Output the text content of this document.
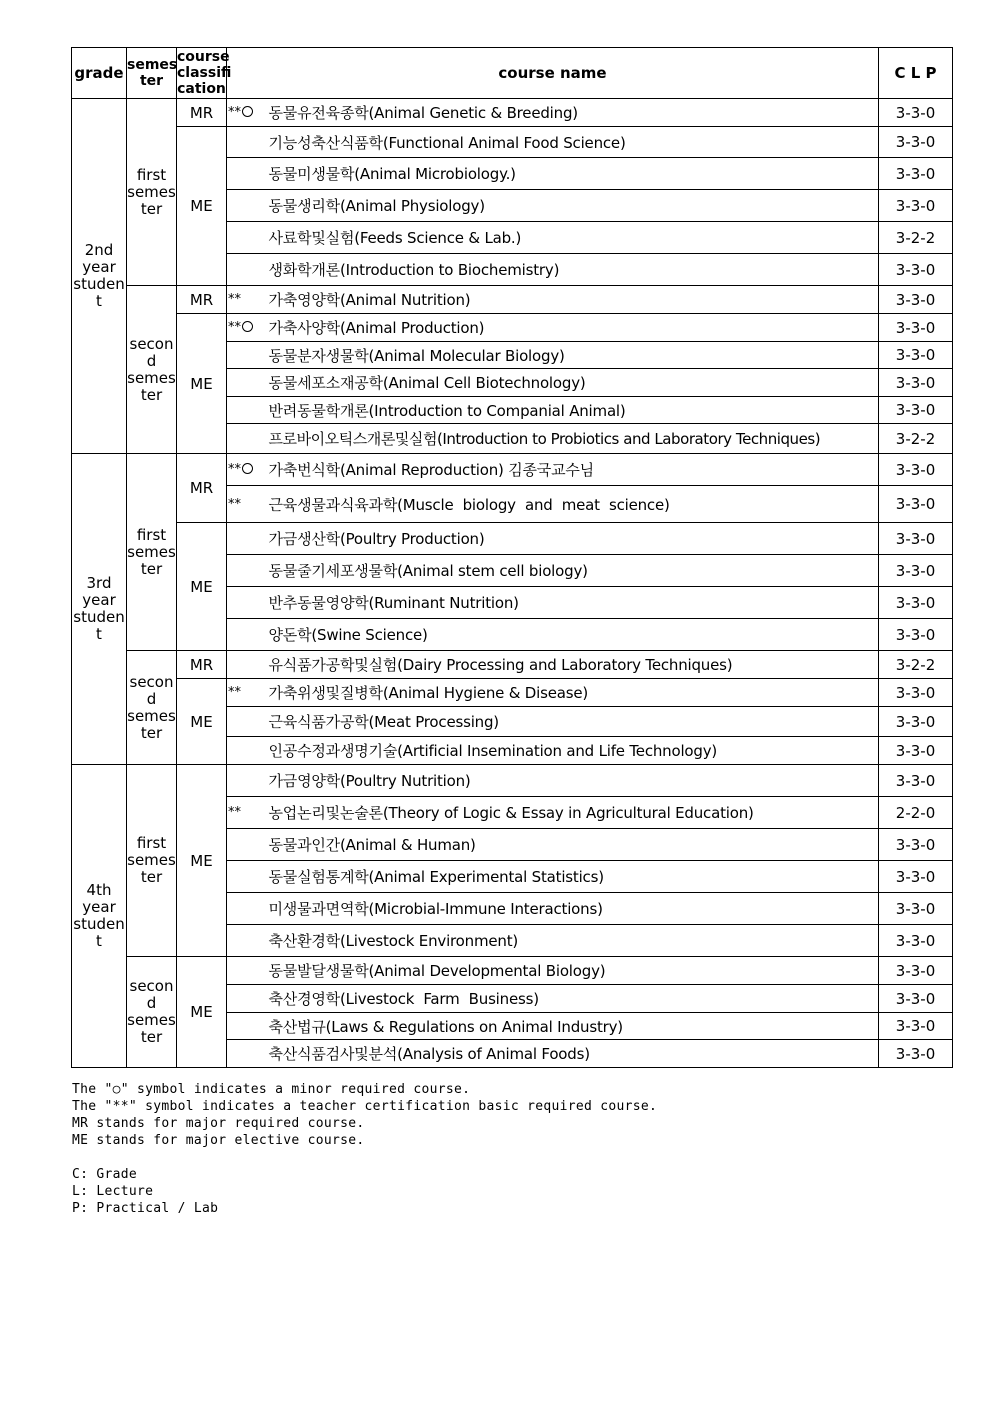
grade	semes ter	course classifi cation	course name		C L P
2nd year studen t	first semes ter	MR	**	동물유전육종학(Animal Genetic & Breeding)	3-3-0
		ME		기능성축산식품학(Functional Animal Food Science)	3-3-0
				동물미생물학(Animal Microbiology.)	3-3-0
				동물생리학(Animal Physiology)	3-3-0
				사료학및실험(Feeds Science & Lab.)	3-2-2
				생화학개론(Introduction to Biochemistry)	3-3-0
	secon d semes ter	MR	**	가축영양학(Animal Nutrition)	3-3-0
		ME	**	가축사양학(Animal Production)	3-3-0
				동물분자생물학(Animal Molecular Biology)	3-3-0
				동물세포소재공학(Animal Cell Biotechnology)	3-3-0
				반려동물학개론(Introduction to Companial Animal)	3-3-0
				프로바이오틱스개론및실험(Introduction to Probiotics and Laboratory Techniques)	3-2-2
3rd year studen t	first semes ter	MR	**	가축번식학(Animal Reproduction) 김종국교수님	3-3-0
			**	근육생물과식육과학(Muscle  biology  and  meat  science)	3-3-0
		ME		가금생산학(Poultry Production)	3-3-0
				동물줄기세포생물학(Animal stem cell biology)	3-3-0
				반추동물영양학(Ruminant Nutrition)	3-3-0
				양돈학(Swine Science)	3-3-0
	secon d semes ter	MR		유식품가공학및실험(Dairy Processing and Laboratory Techniques)	3-2-2
		ME	**	가축위생및질병학(Animal Hygiene & Disease)	3-3-0
				근육식품가공학(Meat Processing)	3-3-0
				인공수정과생명기술(Artificial Insemination and Life Technology)	3-3-0
4th year studen t	first semes ter	ME		가금영양학(Poultry Nutrition)	3-3-0
			**	농업논리및논술론(Theory of Logic & Essay in Agricultural Education)	2-2-0
				동물과인간(Animal & Human)	3-3-0
				동물실험통계학(Animal Experimental Statistics)	3-3-0
				미생물과면역학(Microbial-Immune Interactions)	3-3-0
				축산환경학(Livestock Environment)	3-3-0
	secon d semes ter	ME		동물발달생물학(Animal Developmental Biology)	3-3-0
				축산경영학(Livestock  Farm  Business)	3-3-0
				축산법규(Laws & Regulations on Animal Industry)	3-3-0
				축산식품검사및분석(Analysis of Animal Foods)	3-3-0
The "○" symbol indicates a minor required course.
The "**" symbol indicates a teacher certification basic required course.
MR stands for major required course.
ME stands for major elective course.
C: Grade
L: Lecture
P: Practical / Lab
